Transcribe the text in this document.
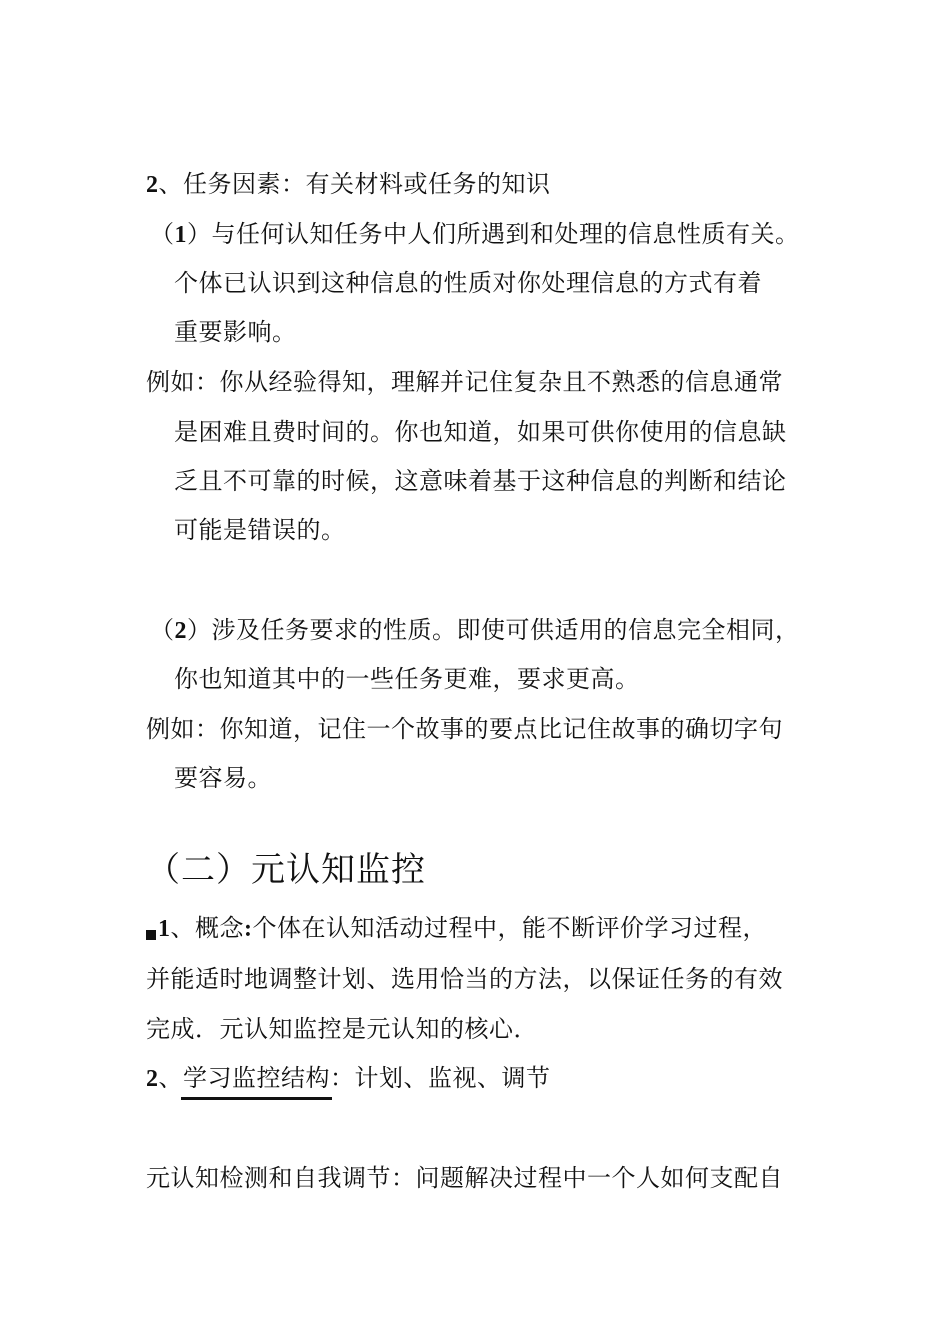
2、任务因素：有关材料或任务的知识
（1）与任何认知任务中人们所遇到和处理的信息性质有关。
个体已认识到这种信息的性质对你处理信息的方式有着
重要影响。
例如：你从经验得知，理解并记住复杂且不熟悉的信息通常
是困难且费时间的。你也知道，如果可供你使用的信息缺
乏且不可靠的时候，这意味着基于这种信息的判断和结论
可能是错误的。
（2）涉及任务要求的性质。即使可供适用的信息完全相同，
你也知道其中的一些任务更难，要求更高。
例如：你知道，记住一个故事的要点比记住故事的确切字句
要容易。
（二）元认知监控
1、概念:个体在认知活动过程中，能不断评价学习过程，
并能适时地调整计划、选用恰当的方法，以保证任务的有效
完成．元认知监控是元认知的核心．
2、学习监控结构：计划、监视、调节
元认知检测和自我调节：问题解决过程中一个人如何支配自
